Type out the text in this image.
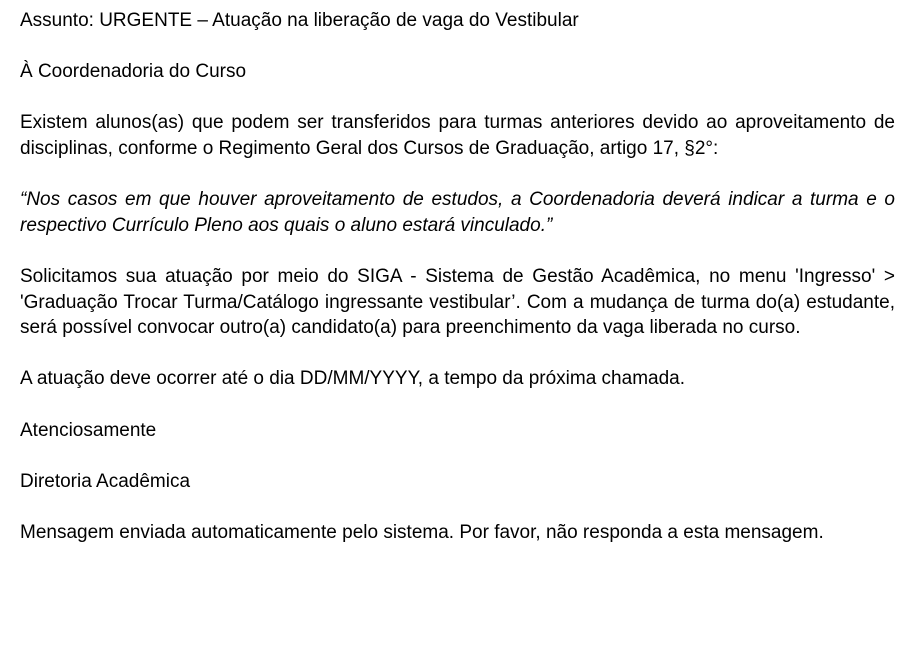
Assunto: URGENTE – Atuação na liberação de vaga do Vestibular

À Coordenadoria do Curso

Existem alunos(as) que podem ser transferidos para turmas anteriores devido ao aproveitamento de disciplinas, conforme o Regimento Geral dos Cursos de Graduação, artigo 17, §2°:

“Nos casos em que houver aproveitamento de estudos, a Coordenadoria deverá indicar a turma e o respectivo Currículo Pleno aos quais o aluno estará vinculado.”

Solicitamos sua atuação por meio do SIGA - Sistema de Gestão Acadêmica, no menu 'Ingresso' > 'Graduação Trocar Turma/Catálogo ingressante vestibular’. Com a mudança de turma do(a) estudante, será possível convocar outro(a) candidato(a) para preenchimento da vaga liberada no curso.

A atuação deve ocorrer até o dia DD/MM/YYYY, a tempo da próxima chamada.

Atenciosamente

Diretoria Acadêmica

Mensagem enviada automaticamente pelo sistema. Por favor, não responda a esta mensagem.
